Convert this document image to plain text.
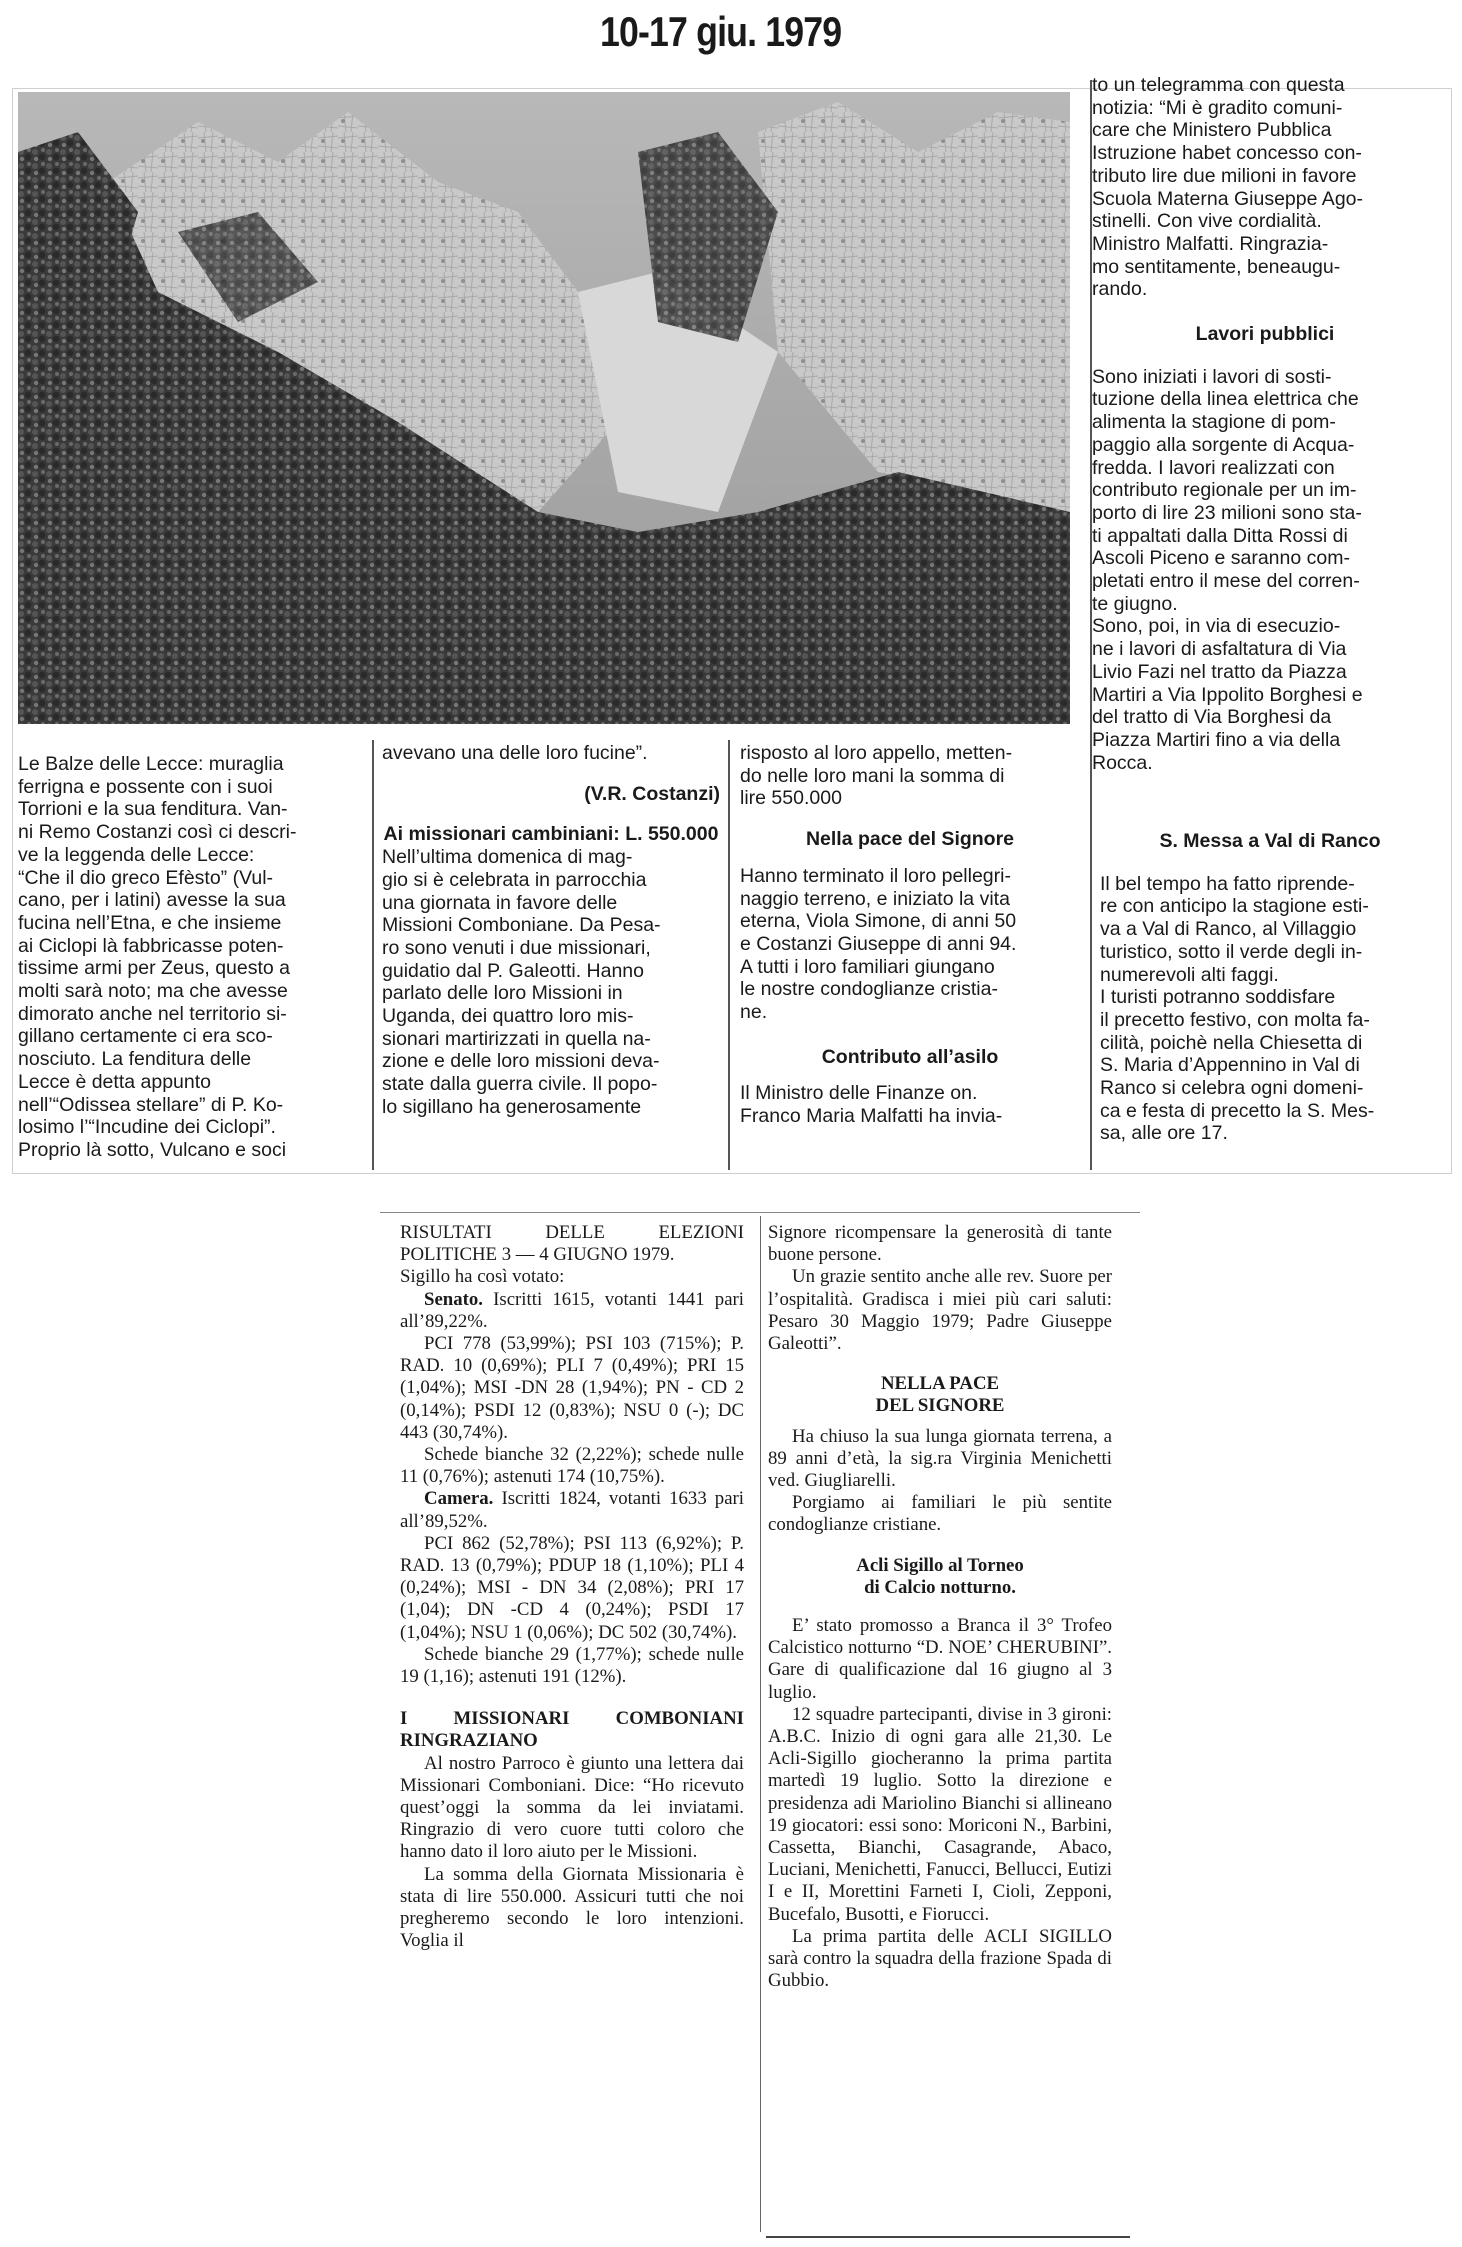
10-17 giu. 1979
Le Balze delle Lecce: muraglia
ferrigna e possente con i suoi
Torrioni e la sua fenditura. Van-
ni Remo Costanzi così ci descri-
ve la leggenda delle Lecce:
“Che il dio greco Efèsto” (Vul-
cano, per i latini) avesse la sua
fucina nell’Etna, e che insieme
ai Ciclopi là fabbricasse poten-
tissime armi per Zeus, questo a
molti sarà noto; ma che avesse
dimorato anche nel territorio si-
gillano certamente ci era sco-
nosciuto. La fenditura delle
Lecce è detta appunto
nell’“Odissea stellare” di P. Ko-
losimo l’“Incudine dei Ciclopi”.
Proprio là sotto, Vulcano e soci

avevano una delle loro fucine”.

(V.R. Costanzi)

Ai missionari cambiniani: L. 550.000

Nell’ultima domenica di mag-
gio si è celebrata in parrocchia
una giornata in favore delle
Missioni Comboniane. Da Pesa-
ro sono venuti i due missionari,
guidatio dal P. Galeotti. Hanno
parlato delle loro Missioni in
Uganda, dei quattro loro mis-
sionari martirizzati in quella na-
zione e delle loro missioni deva-
state dalla guerra civile. Il popo-
lo sigillano ha generosamente
risposto al loro appello, metten-
do nelle loro mani la somma di
lire 550.000

Nella pace del Signore

Hanno terminato il loro pellegri-
naggio terreno, e iniziato la vita
eterna, Viola Simone, di anni 50
e Costanzi Giuseppe di anni 94.
A tutti i loro familiari giungano
le nostre condoglianze cristia-
ne.

Contributo all’asilo

Il Ministro delle Finanze on.
Franco Maria Malfatti ha invia-
to un telegramma con questa
notizia: “Mi è gradito comuni-
care che Ministero Pubblica
Istruzione habet concesso con-
tributo lire due milioni in favore
Scuola Materna Giuseppe Ago-
stinelli. Con vive cordialità.
Ministro Malfatti. Ringrazia-
mo sentitamente, beneaugu-
rando.

Lavori pubblici

Sono iniziati i lavori di sosti-
tuzione della linea elettrica che
alimenta la stagione di pom-
paggio alla sorgente di Acqua-
fredda. I lavori realizzati con
contributo regionale per un im-
porto di lire 23 milioni sono sta-
ti appaltati dalla Ditta Rossi di
Ascoli Piceno e saranno com-
pletati entro il mese del corren-
te giugno.
Sono, poi, in via di esecuzio-
ne i lavori di asfaltatura di Via
Livio Fazi nel tratto da Piazza
Martiri a Via Ippolito Borghesi e
del tratto di Via Borghesi da
Piazza Martiri fino a via della
Rocca.

S. Messa a Val di Ranco

Il bel tempo ha fatto riprende-
re con anticipo la stagione esti-
va a Val di Ranco, al Villaggio
turistico, sotto il verde degli in-
numerevoli alti faggi.
I turisti potranno soddisfare
il precetto festivo, con molta fa-
cilità, poichè nella Chiesetta di
S. Maria d’Appennino in Val di
Ranco si celebra ogni domeni-
ca e festa di precetto la S. Mes-
sa, alle ore 17.

RISULTATI DELLE ELEZIONI POLITICHE 3 — 4 GIUGNO 1979.

Sigillo ha così votato:

Senato. Iscritti 1615, votanti 1441 pari all’89,22%.

PCI 778 (53,99%); PSI 103 (715%); P. RAD. 10 (0,69%); PLI 7 (0,49%); PRI 15 (1,04%); MSI -DN 28 (1,94%); PN - CD 2 (0,14%); PSDI 12 (0,83%); NSU 0 (-); DC 443 (30,74%).

Schede bianche 32 (2,22%); schede nulle 11 (0,76%); astenuti 174 (10,75%).

Camera. Iscritti 1824, votanti 1633 pari all’89,52%.

PCI 862 (52,78%); PSI 113 (6,92%); P. RAD. 13 (0,79%); PDUP 18 (1,10%); PLI 4 (0,24%); MSI - DN 34 (2,08%); PRI 17 (1,04); DN -CD 4 (0,24%); PSDI 17 (1,04%); NSU 1 (0,06%); DC 502 (30,74%).

Schede bianche 29 (1,77%); schede nulle 19 (1,16); astenuti 191 (12%).

I MISSIONARI COMBONIANI RINGRAZIANO

Al nostro Parroco è giunto una lettera dai Missionari Comboniani. Dice: “Ho ricevuto quest’oggi la somma da lei inviatami. Ringrazio di vero cuore tutti coloro che hanno dato il loro aiuto per le Missioni.

La somma della Giornata Missionaria è stata di lire 550.000. Assicuri tutti che noi pregheremo secondo le loro intenzioni. Voglia il

Signore ricompensare la generosità di tante buone persone.

Un grazie sentito anche alle rev. Suore per l’ospitalità. Gradisca i miei più cari saluti: Pesaro 30 Maggio 1979; Padre Giuseppe Galeotti”.

NELLA PACE
DEL SIGNORE

Ha chiuso la sua lunga giornata terrena, a 89 anni d’età, la sig.ra Virginia Menichetti ved. Giugliarelli.

Porgiamo ai familiari le più sentite condoglianze cristiane.

Acli Sigillo al Torneo
di Calcio notturno.

E’ stato promosso a Branca il 3° Trofeo Calcistico notturno “D. NOE’ CHERUBINI”. Gare di qualificazione dal 16 giugno al 3 luglio.

12 squadre partecipanti, divise in 3 gironi: A.B.C. Inizio di ogni gara alle 21,30. Le Acli-Sigillo giocheranno la prima partita martedì 19 luglio. Sotto la direzione e presidenza adi Mariolino Bianchi si allineano 19 giocatori: essi sono: Moriconi N., Barbini, Cassetta, Bianchi, Casagrande, Abaco, Luciani, Menichetti, Fanucci, Bellucci, Eutizi I e II, Morettini Farneti I, Cioli, Zepponi, Bucefalo, Busotti, e Fiorucci.

La prima partita delle ACLI SIGILLO sarà contro la squadra della frazione Spada di Gubbio.
